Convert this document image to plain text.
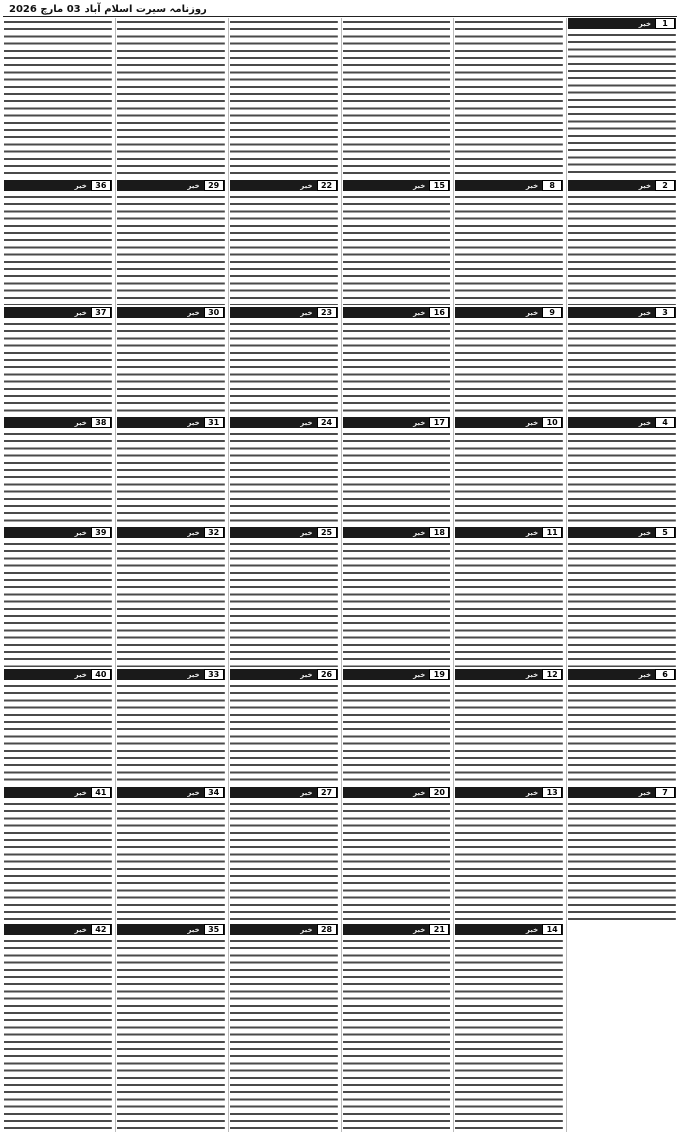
روزنامہ سیرت اسلام آباد
03 مارچ 2026
1
خبر
2
خبر
3
خبر
4
خبر
5
خبر
6
خبر
7
خبر
8
خبر
9
خبر
10
خبر
11
خبر
12
خبر
13
خبر
14
خبر
15
خبر
16
خبر
17
خبر
18
خبر
19
خبر
20
خبر
21
خبر
22
خبر
23
خبر
24
خبر
25
خبر
26
خبر
27
خبر
28
خبر
29
خبر
30
خبر
31
خبر
32
خبر
33
خبر
34
خبر
35
خبر
36
خبر
37
خبر
38
خبر
39
خبر
40
خبر
41
خبر
42
خبر
